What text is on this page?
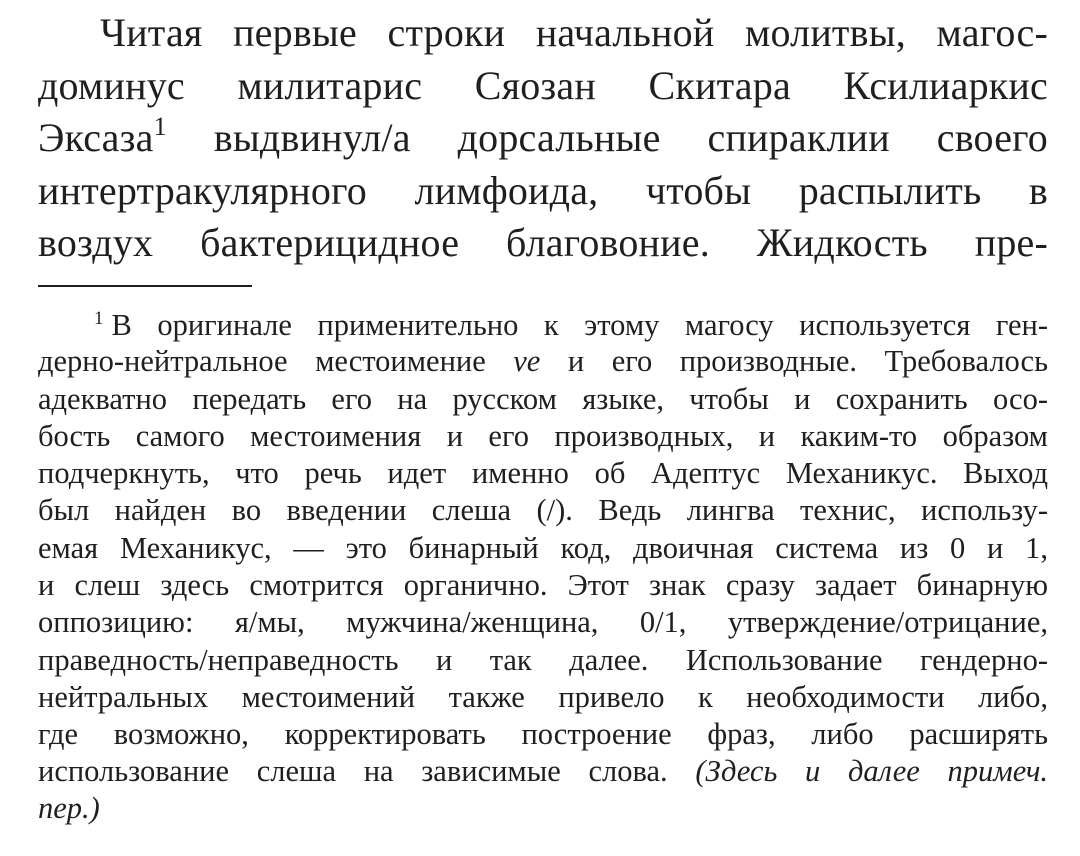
Читая первые строки начальной молитвы, магос-
доминус милитарис Сяозан Скитара Ксилиаркис
Эксаза$^1$ выдвинул/а дорсальные спираклии своего
интертракулярного лимфоида, чтобы распылить в
воздух бактерицидное благовоние. Жидкость пре-
$^1$ В оригинале применительно к этому магосу используется ген-
дерно-нейтральное местоимение ve и его производные. Требовалось
адекватно передать его на русском языке, чтобы и сохранить осо-
бость самого местоимения и его производных, и каким-то образом
подчеркнуть, что речь идет именно об Адептус Механикус. Выход
был найден во введении слеша (/). Ведь лингва технис, использу-
емая Механикус, — это бинарный код, двоичная система из 0 и 1,
и слеш здесь смотрится органично. Этот знак сразу задает бинарную
оппозицию: я/мы, мужчина/женщина, 0/1, утверждение/отрицание,
праведность/неправедность и так далее. Использование гендерно-
нейтральных местоимений также привело к необходимости либо,
где возможно, корректировать построение фраз, либо расширять
использование слеша на зависимые слова. (Здесь и далее примеч.
пер.)
